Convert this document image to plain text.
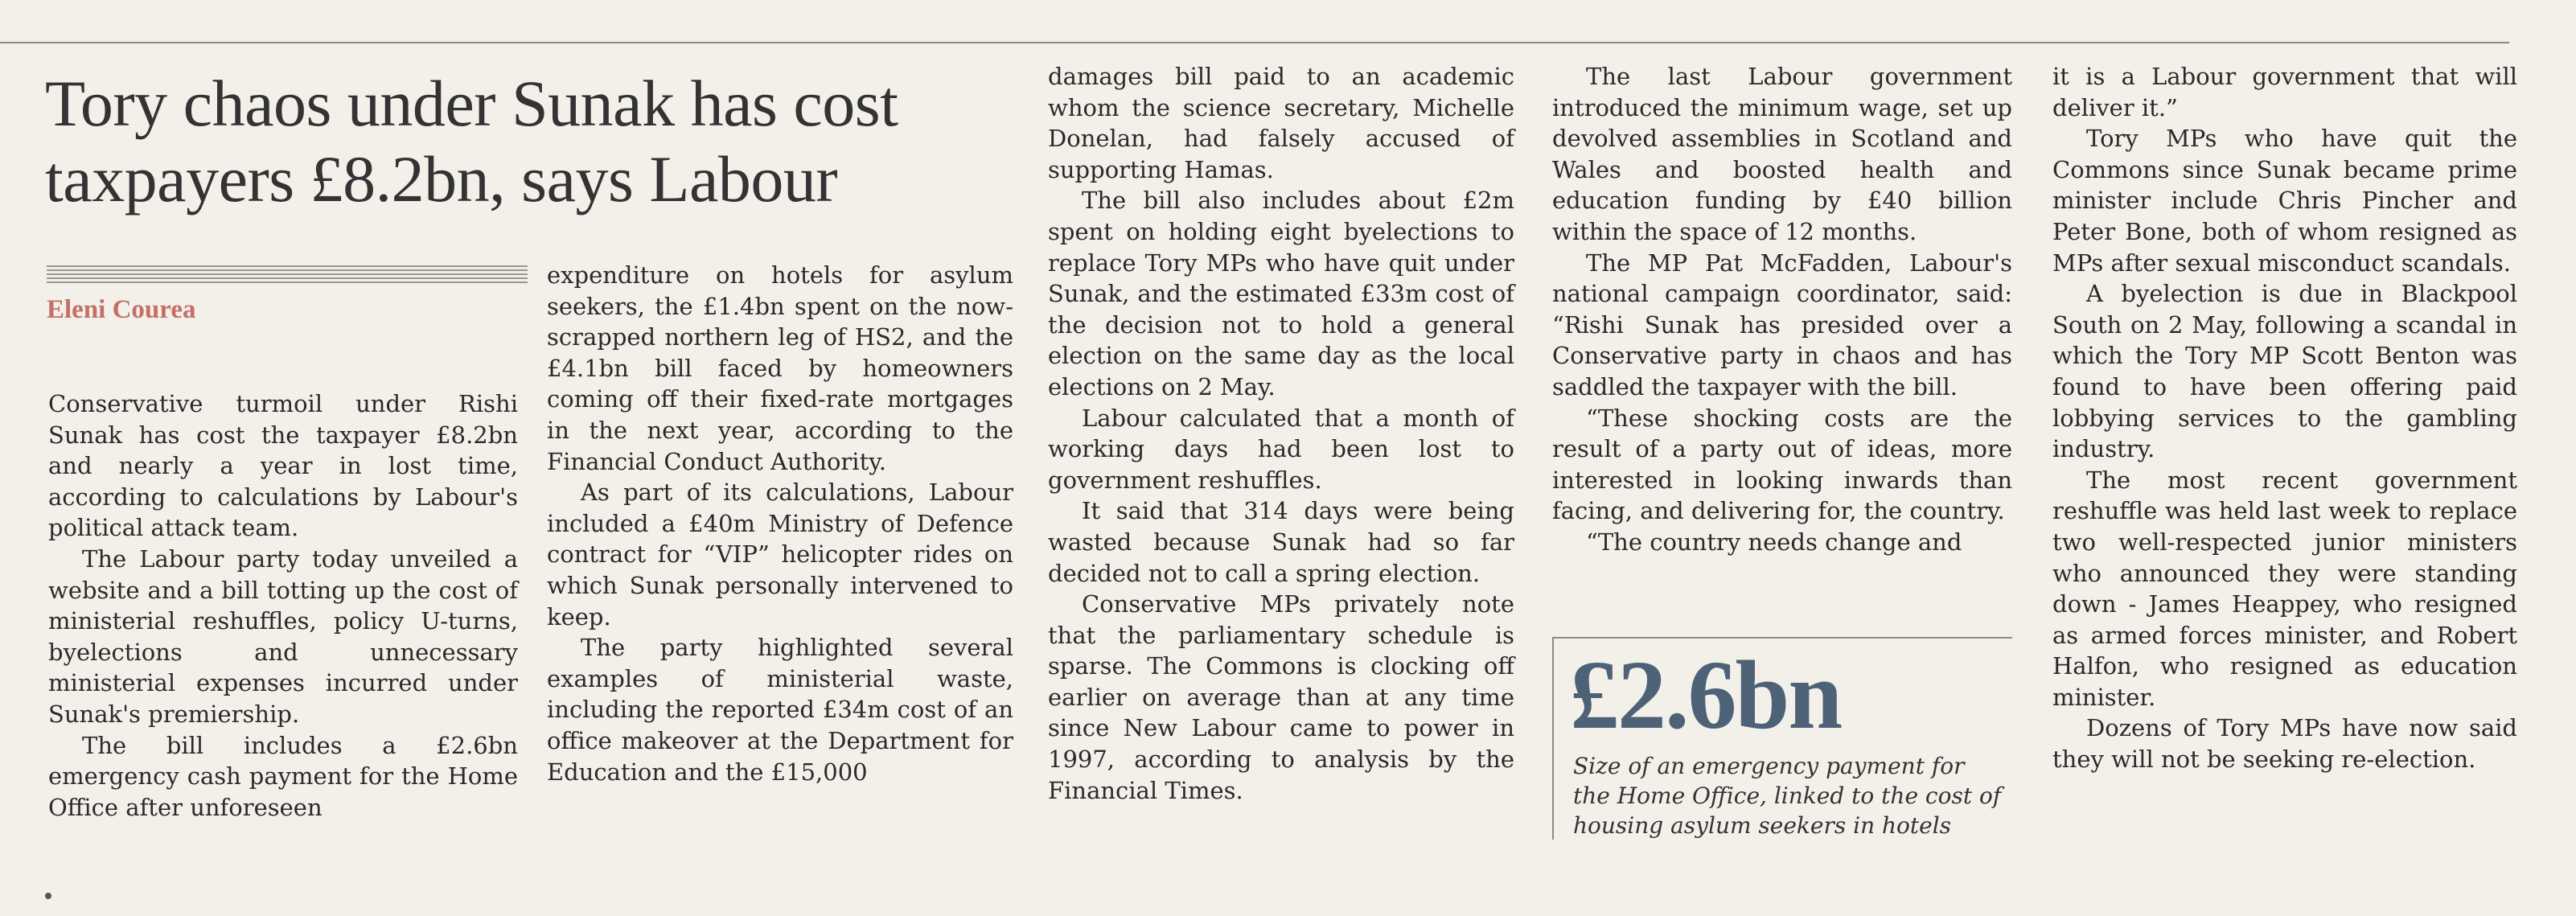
Tory chaos under Sunak has cost taxpayers £8.2bn, says Labour

Eleni Courea

Conservative turmoil under Rishi Sunak has cost the taxpayer £8.2bn and nearly a year in lost time, according to calculations by Labour's political attack team.

The Labour party today unveiled a website and a bill totting up the cost of ministerial reshuffles, policy U-turns, byelections and unnecessary ministerial expenses incurred under Sunak's premiership.

The bill includes a £2.6bn emergency cash payment for the Home Office after unforeseen

expenditure on hotels for asylum seekers, the £1.4bn spent on the now-scrapped northern leg of HS2, and the £4.1bn bill faced by homeowners coming off their fixed-rate mortgages in the next year, according to the Financial Conduct Authority.

As part of its calculations, Labour included a £40m Ministry of Defence contract for “VIP” helicopter rides on which Sunak personally intervened to keep.

The party highlighted several examples of ministerial waste, including the reported £34m cost of an office makeover at the Department for Education and the £15,000

damages bill paid to an academic whom the science secretary, Michelle Donelan, had falsely accused of supporting Hamas.

The bill also includes about £2m spent on holding eight byelections to replace Tory MPs who have quit under Sunak, and the estimated £33m cost of the decision not to hold a general election on the same day as the local elections on 2 May.

Labour calculated that a month of working days had been lost to government reshuffles.

It said that 314 days were being wasted because Sunak had so far decided not to call a spring election.

Conservative MPs privately note that the parliamentary schedule is sparse. The Commons is clocking off earlier on average than at any time since New Labour came to power in 1997, according to analysis by the Financial Times.

The last Labour government introduced the minimum wage, set up devolved assemblies in Scotland and Wales and boosted health and education funding by £40 billion within the space of 12 months.

The MP Pat McFadden, Labour's national campaign coordinator, said: “Rishi Sunak has presided over a Conservative party in chaos and has saddled the taxpayer with the bill.

“These shocking costs are the result of a party out of ideas, more interested in looking inwards than facing, and delivering for, the country.

“The country needs change and

£2.6bn

Size of an emergency payment for the Home Office, linked to the cost of housing asylum seekers in hotels

it is a Labour government that will deliver it.”

Tory MPs who have quit the Commons since Sunak became prime minister include Chris Pincher and Peter Bone, both of whom resigned as MPs after sexual misconduct scandals.

A byelection is due in Blackpool South on 2 May, following a scandal in which the Tory MP Scott Benton was found to have been offering paid lobbying services to the gambling industry.

The most recent government reshuffle was held last week to replace two well-respected junior ministers who announced they were standing down - James Heappey, who resigned as armed forces minister, and Robert Halfon, who resigned as education minister.

Dozens of Tory MPs have now said they will not be seeking re-election.
